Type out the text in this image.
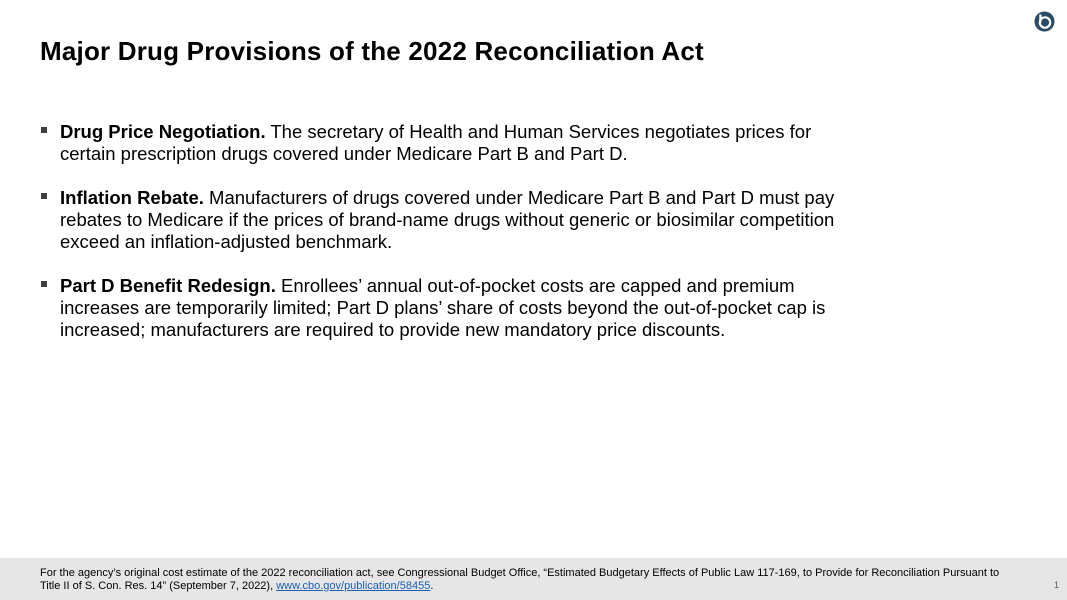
Major Drug Provisions of the 2022 Reconciliation Act
Drug Price Negotiation. The secretary of Health and Human Services negotiates prices for certain prescription drugs covered under Medicare Part B and Part D.
Inflation Rebate. Manufacturers of drugs covered under Medicare Part B and Part D must pay rebates to Medicare if the prices of brand-name drugs without generic or biosimilar competition exceed an inflation-adjusted benchmark.
Part D Benefit Redesign. Enrollees’ annual out-of-pocket costs are capped and premium increases are temporarily limited; Part D plans’ share of costs beyond the out-of-pocket cap is increased; manufacturers are required to provide new mandatory price discounts.
For the agency’s original cost estimate of the 2022 reconciliation act, see Congressional Budget Office, “Estimated Budgetary Effects of Public Law 117-169, to Provide for Reconciliation Pursuant to Title II of S. Con. Res. 14” (September 7, 2022), www.cbo.gov/publication/58455.	1
